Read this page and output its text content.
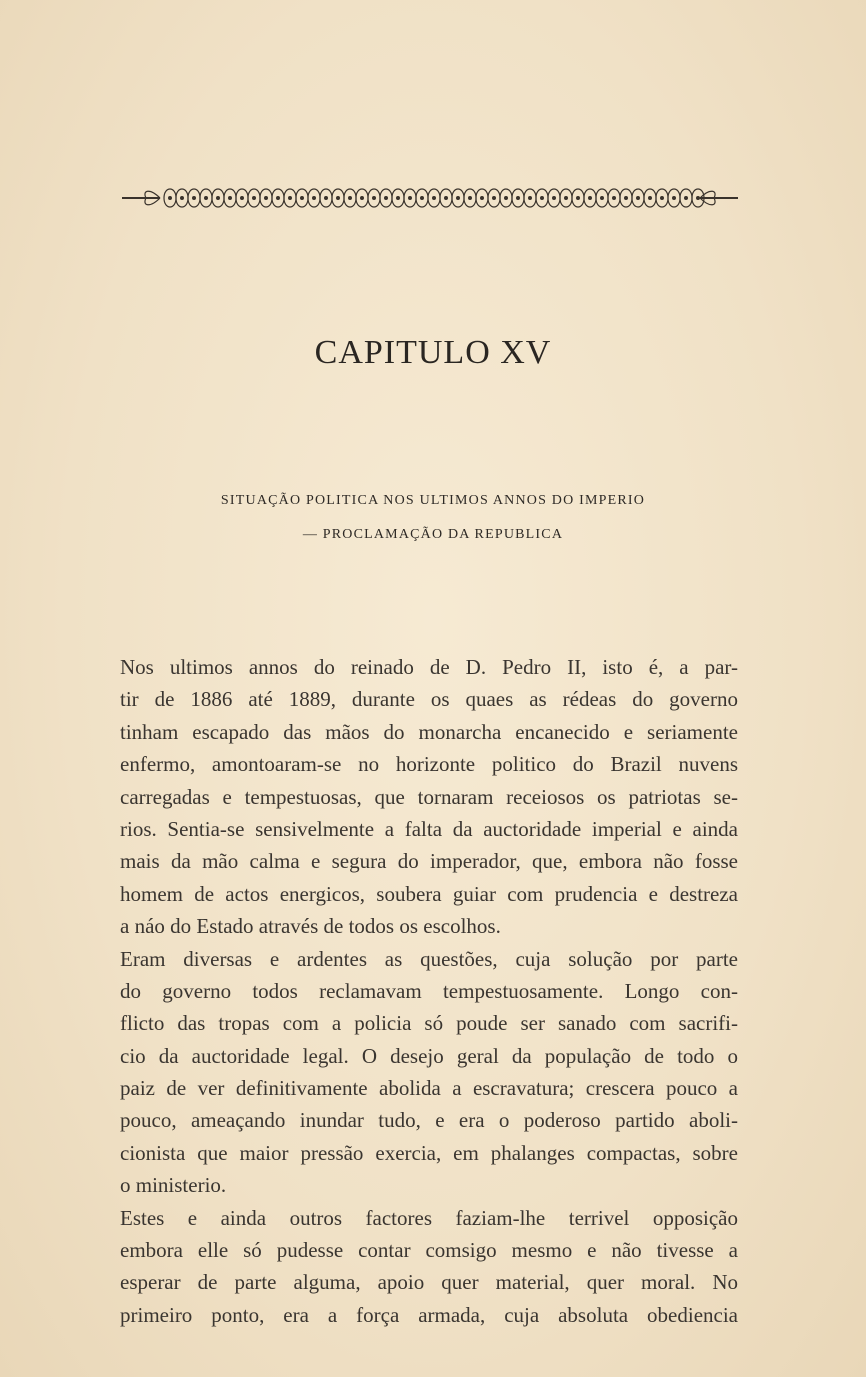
CAPITULO XV
SITUAÇÃO POLITICA NOS ULTIMOS ANNOS DO IMPERIO
— PROCLAMAÇÃO DA REPUBLICA

Nos ultimos annos do reinado de D. Pedro II, isto é, a par-
tir de 1886 até 1889, durante os quaes as rédeas do governo
tinham escapado das mãos do monarcha encanecido e seriamente
enfermo, amontoaram-se no horizonte politico do Brazil nuvens
carregadas e tempestuosas, que tornaram receiosos os patriotas se-
rios. Sentia-se sensivelmente a falta da auctoridade imperial e ainda
mais da mão calma e segura do imperador, que, embora não fosse
homem de actos energicos, soubera guiar com prudencia e destreza
a náo do Estado através de todos os escolhos.

Eram diversas e ardentes as questões, cuja solução por parte
do governo todos reclamavam tempestuosamente. Longo con-
flicto das tropas com a policia só poude ser sanado com sacrifi-
cio da auctoridade legal. O desejo geral da população de todo o
paiz de ver definitivamente abolida a escravatura; crescera pouco a
pouco, ameaçando inundar tudo, e era o poderoso partido aboli-
cionista que maior pressão exercia, em phalanges compactas, sobre
o ministerio.

Estes e ainda outros factores faziam-lhe terrivel opposição
embora elle só pudesse contar comsigo mesmo e não tivesse a
esperar de parte alguma, apoio quer material, quer moral. No
primeiro ponto, era a força armada, cuja absoluta obediencia
